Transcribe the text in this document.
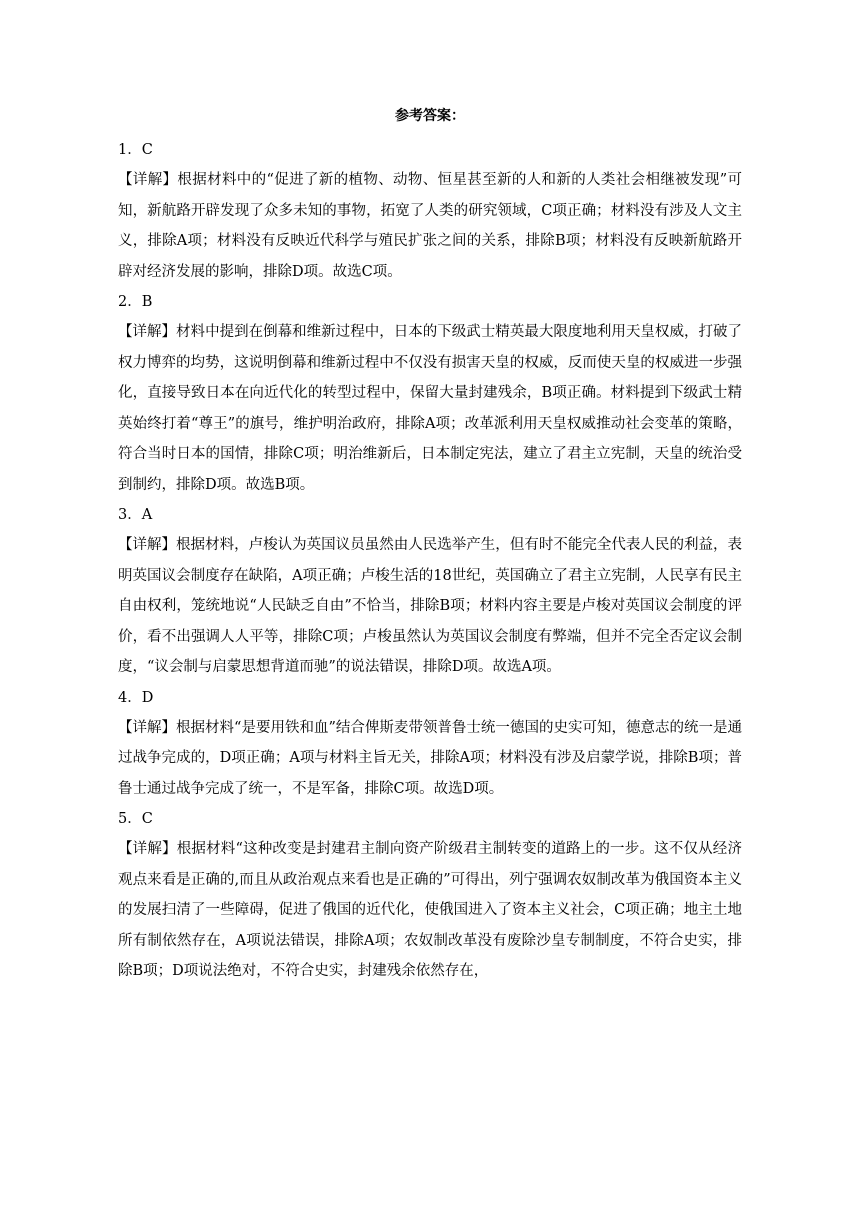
参考答案：

1．C

【详解】根据材料中的“促进了新的植物、动物、恒星甚至新的人和新的人类社会相继被发现”可知，新航路开辟发现了众多未知的事物，拓宽了人类的研究领域，C项正确；材料没有涉及人文主义，排除A项；材料没有反映近代科学与殖民扩张之间的关系，排除B项；材料没有反映新航路开辟对经济发展的影响，排除D项。故选C项。

2．B

【详解】材料中提到在倒幕和维新过程中，日本的下级武士精英最大限度地利用天皇权威，打破了权力博弈的均势，这说明倒幕和维新过程中不仅没有损害天皇的权威，反而使天皇的权威进一步强化，直接导致日本在向近代化的转型过程中，保留大量封建残余，B项正确。材料提到下级武士精英始终打着“尊王”的旗号，维护明治政府，排除A项；改革派利用天皇权威推动社会变革的策略，符合当时日本的国情，排除C项；明治维新后，日本制定宪法，建立了君主立宪制，天皇的统治受到制约，排除D项。故选B项。

3．A

【详解】根据材料，卢梭认为英国议员虽然由人民选举产生，但有时不能完全代表人民的利益，表明英国议会制度存在缺陷，A项正确；卢梭生活的18世纪，英国确立了君主立宪制，人民享有民主自由权利，笼统地说“人民缺乏自由”不恰当，排除B项；材料内容主要是卢梭对英国议会制度的评价，看不出强调人人平等，排除C项；卢梭虽然认为英国议会制度有弊端，但并不完全否定议会制度，“议会制与启蒙思想背道而驰”的说法错误，排除D项。故选A项。

4．D

【详解】根据材料“是要用铁和血”结合俾斯麦带领普鲁士统一德国的史实可知，德意志的统一是通过战争完成的，D项正确；A项与材料主旨无关，排除A项；材料没有涉及启蒙学说，排除B项；普鲁士通过战争完成了统一，不是军备，排除C项。故选D项。

5．C

【详解】根据材料“这种改变是封建君主制向资产阶级君主制转变的道路上的一步。这不仅从经济观点来看是正确的,而且从政治观点来看也是正确的”可得出，列宁强调农奴制改革为俄国资本主义的发展扫清了一些障碍，促进了俄国的近代化，使俄国进入了资本主义社会，C项正确；地主土地所有制依然存在，A项说法错误，排除A项；农奴制改革没有废除沙皇专制制度，不符合史实，排除B项；D项说法绝对，不符合史实，封建残余依然存在，
